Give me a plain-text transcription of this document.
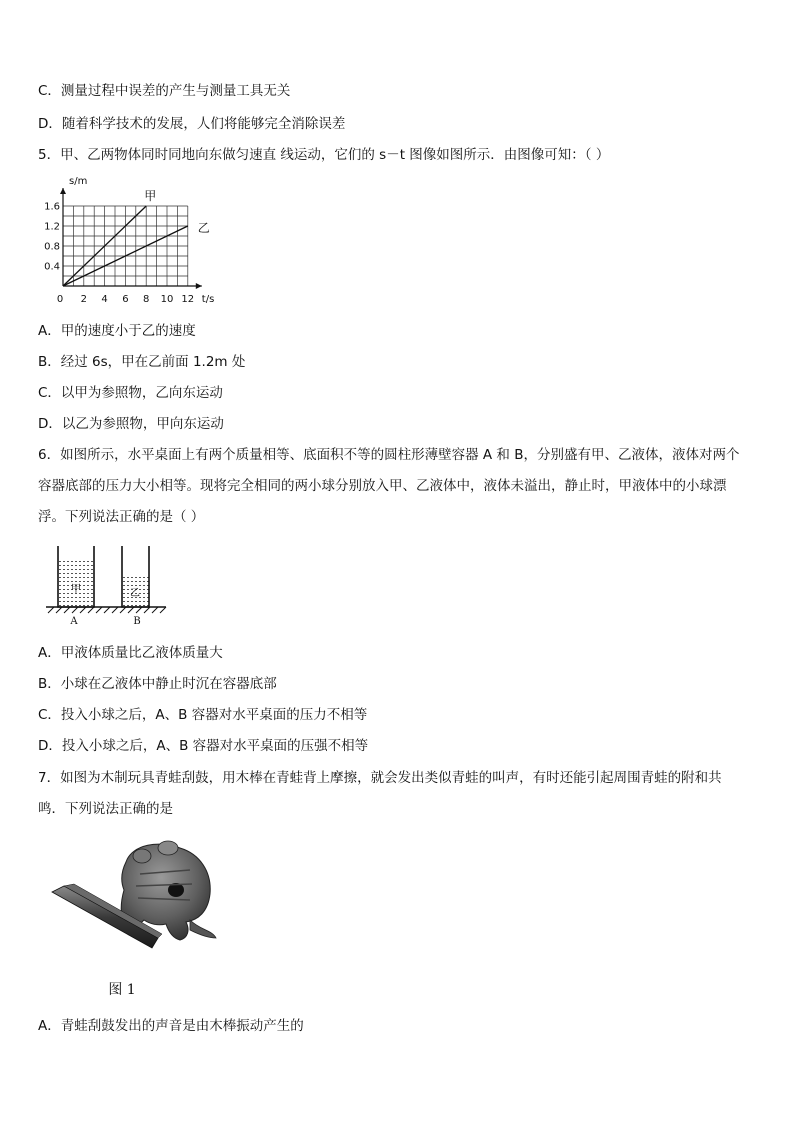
C．测量过程中误差的产生与测量工具无关
D．随着科学技术的发展，人们将能够完全消除误差
5．甲、乙两物体同时同地向东做匀速直 线运动，它们的 s－t 图像如图所示．由图像可知：（ ）
甲
乙
0 2 4 6 8 10 12
0.4
0.8
1.2
1.6
s/m
t/s
A．甲的速度小于乙的速度
B．经过 6s，甲在乙前面 1.2m 处
C．以甲为参照物，乙向东运动
D．以乙为参照物，甲向东运动
6．如图所示，水平桌面上有两个质量相等、底面积不等的圆柱形薄壁容器 A 和 B，分别盛有甲、乙液体，液体对两个
容器底部的压力大小相等。现将完全相同的两小球分别放入甲、乙液体中，液体未溢出，静止时，甲液体中的小球漂
浮。下列说法正确的是（ ）
甲	乙
A	B
A．甲液体质量比乙液体质量大
B．小球在乙液体中静止时沉在容器底部
C．投入小球之后，A、B 容器对水平桌面的压力不相等
D．投入小球之后，A、B 容器对水平桌面的压强不相等
7．如图为木制玩具青蛙刮鼓，用木棒在青蛙背上摩擦，就会发出类似青蛙的叫声，有时还能引起周围青蛙的附和共
鸣．下列说法正确的是
图 1
A．青蛙刮鼓发出的声音是由木棒振动产生的
